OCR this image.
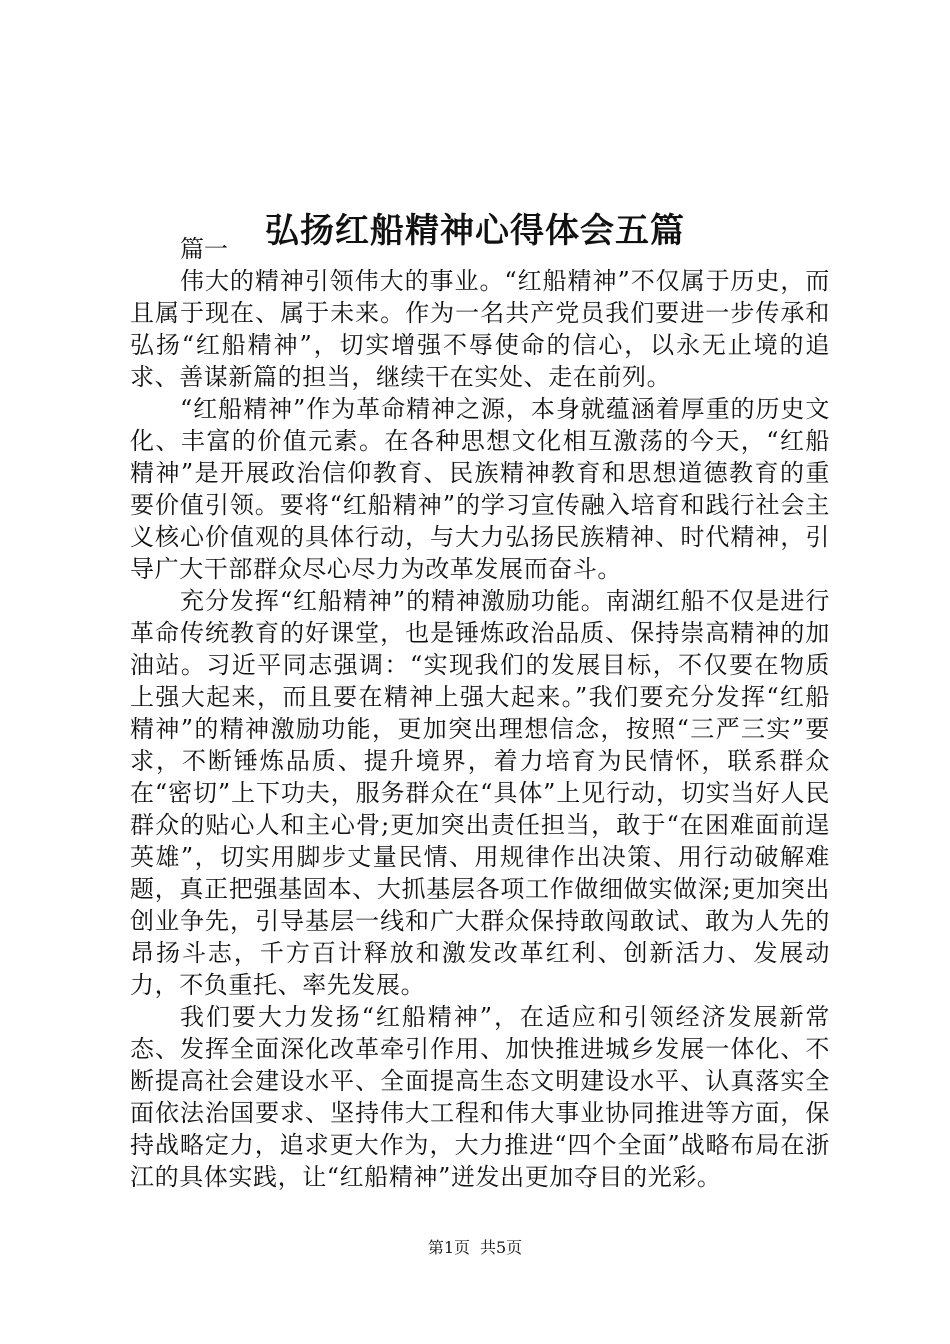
弘扬红船精神心得体会五篇

篇一

伟大的精神引领伟大的事业。“红船精神”不仅属于历史，而且属于现在、属于未来。作为一名共产党员我们要进一步传承和弘扬“红船精神”，切实增强不辱使命的信心，以永无止境的追求、善谋新篇的担当，继续干在实处、走在前列。

“红船精神”作为革命精神之源，本身就蕴涵着厚重的历史文化、丰富的价值元素。在各种思想文化相互激荡的今天，“红船精神”是开展政治信仰教育、民族精神教育和思想道德教育的重要价值引领。要将“红船精神”的学习宣传融入培育和践行社会主义核心价值观的具体行动，与大力弘扬民族精神、时代精神，引导广大干部群众尽心尽力为改革发展而奋斗。

充分发挥“红船精神”的精神激励功能。南湖红船不仅是进行革命传统教育的好课堂，也是锤炼政治品质、保持崇高精神的加油站。习近平同志强调：“实现我们的发展目标，不仅要在物质上强大起来，而且要在精神上强大起来。”我们要充分发挥“红船精神”的精神激励功能，更加突出理想信念，按照“三严三实”要求，不断锤炼品质、提升境界，着力培育为民情怀，联系群众在“密切”上下功夫，服务群众在“具体”上见行动，切实当好人民群众的贴心人和主心骨;更加突出责任担当，敢于“在困难面前逞英雄”，切实用脚步丈量民情、用规律作出决策、用行动破解难题，真正把强基固本、大抓基层各项工作做细做实做深;更加突出创业争先，引导基层一线和广大群众保持敢闯敢试、敢为人先的昂扬斗志，千方百计释放和激发改革红利、创新活力、发展动力，不负重托、率先发展。

我们要大力发扬“红船精神”，在适应和引领经济发展新常态、发挥全面深化改革牵引作用、加快推进城乡发展一体化、不断提高社会建设水平、全面提高生态文明建设水平、认真落实全面依法治国要求、坚持伟大工程和伟大事业协同推进等方面，保持战略定力，追求更大作为，大力推进“四个全面”战略布局在浙江的具体实践，让“红船精神”迸发出更加夺目的光彩。

第1页 共5页
